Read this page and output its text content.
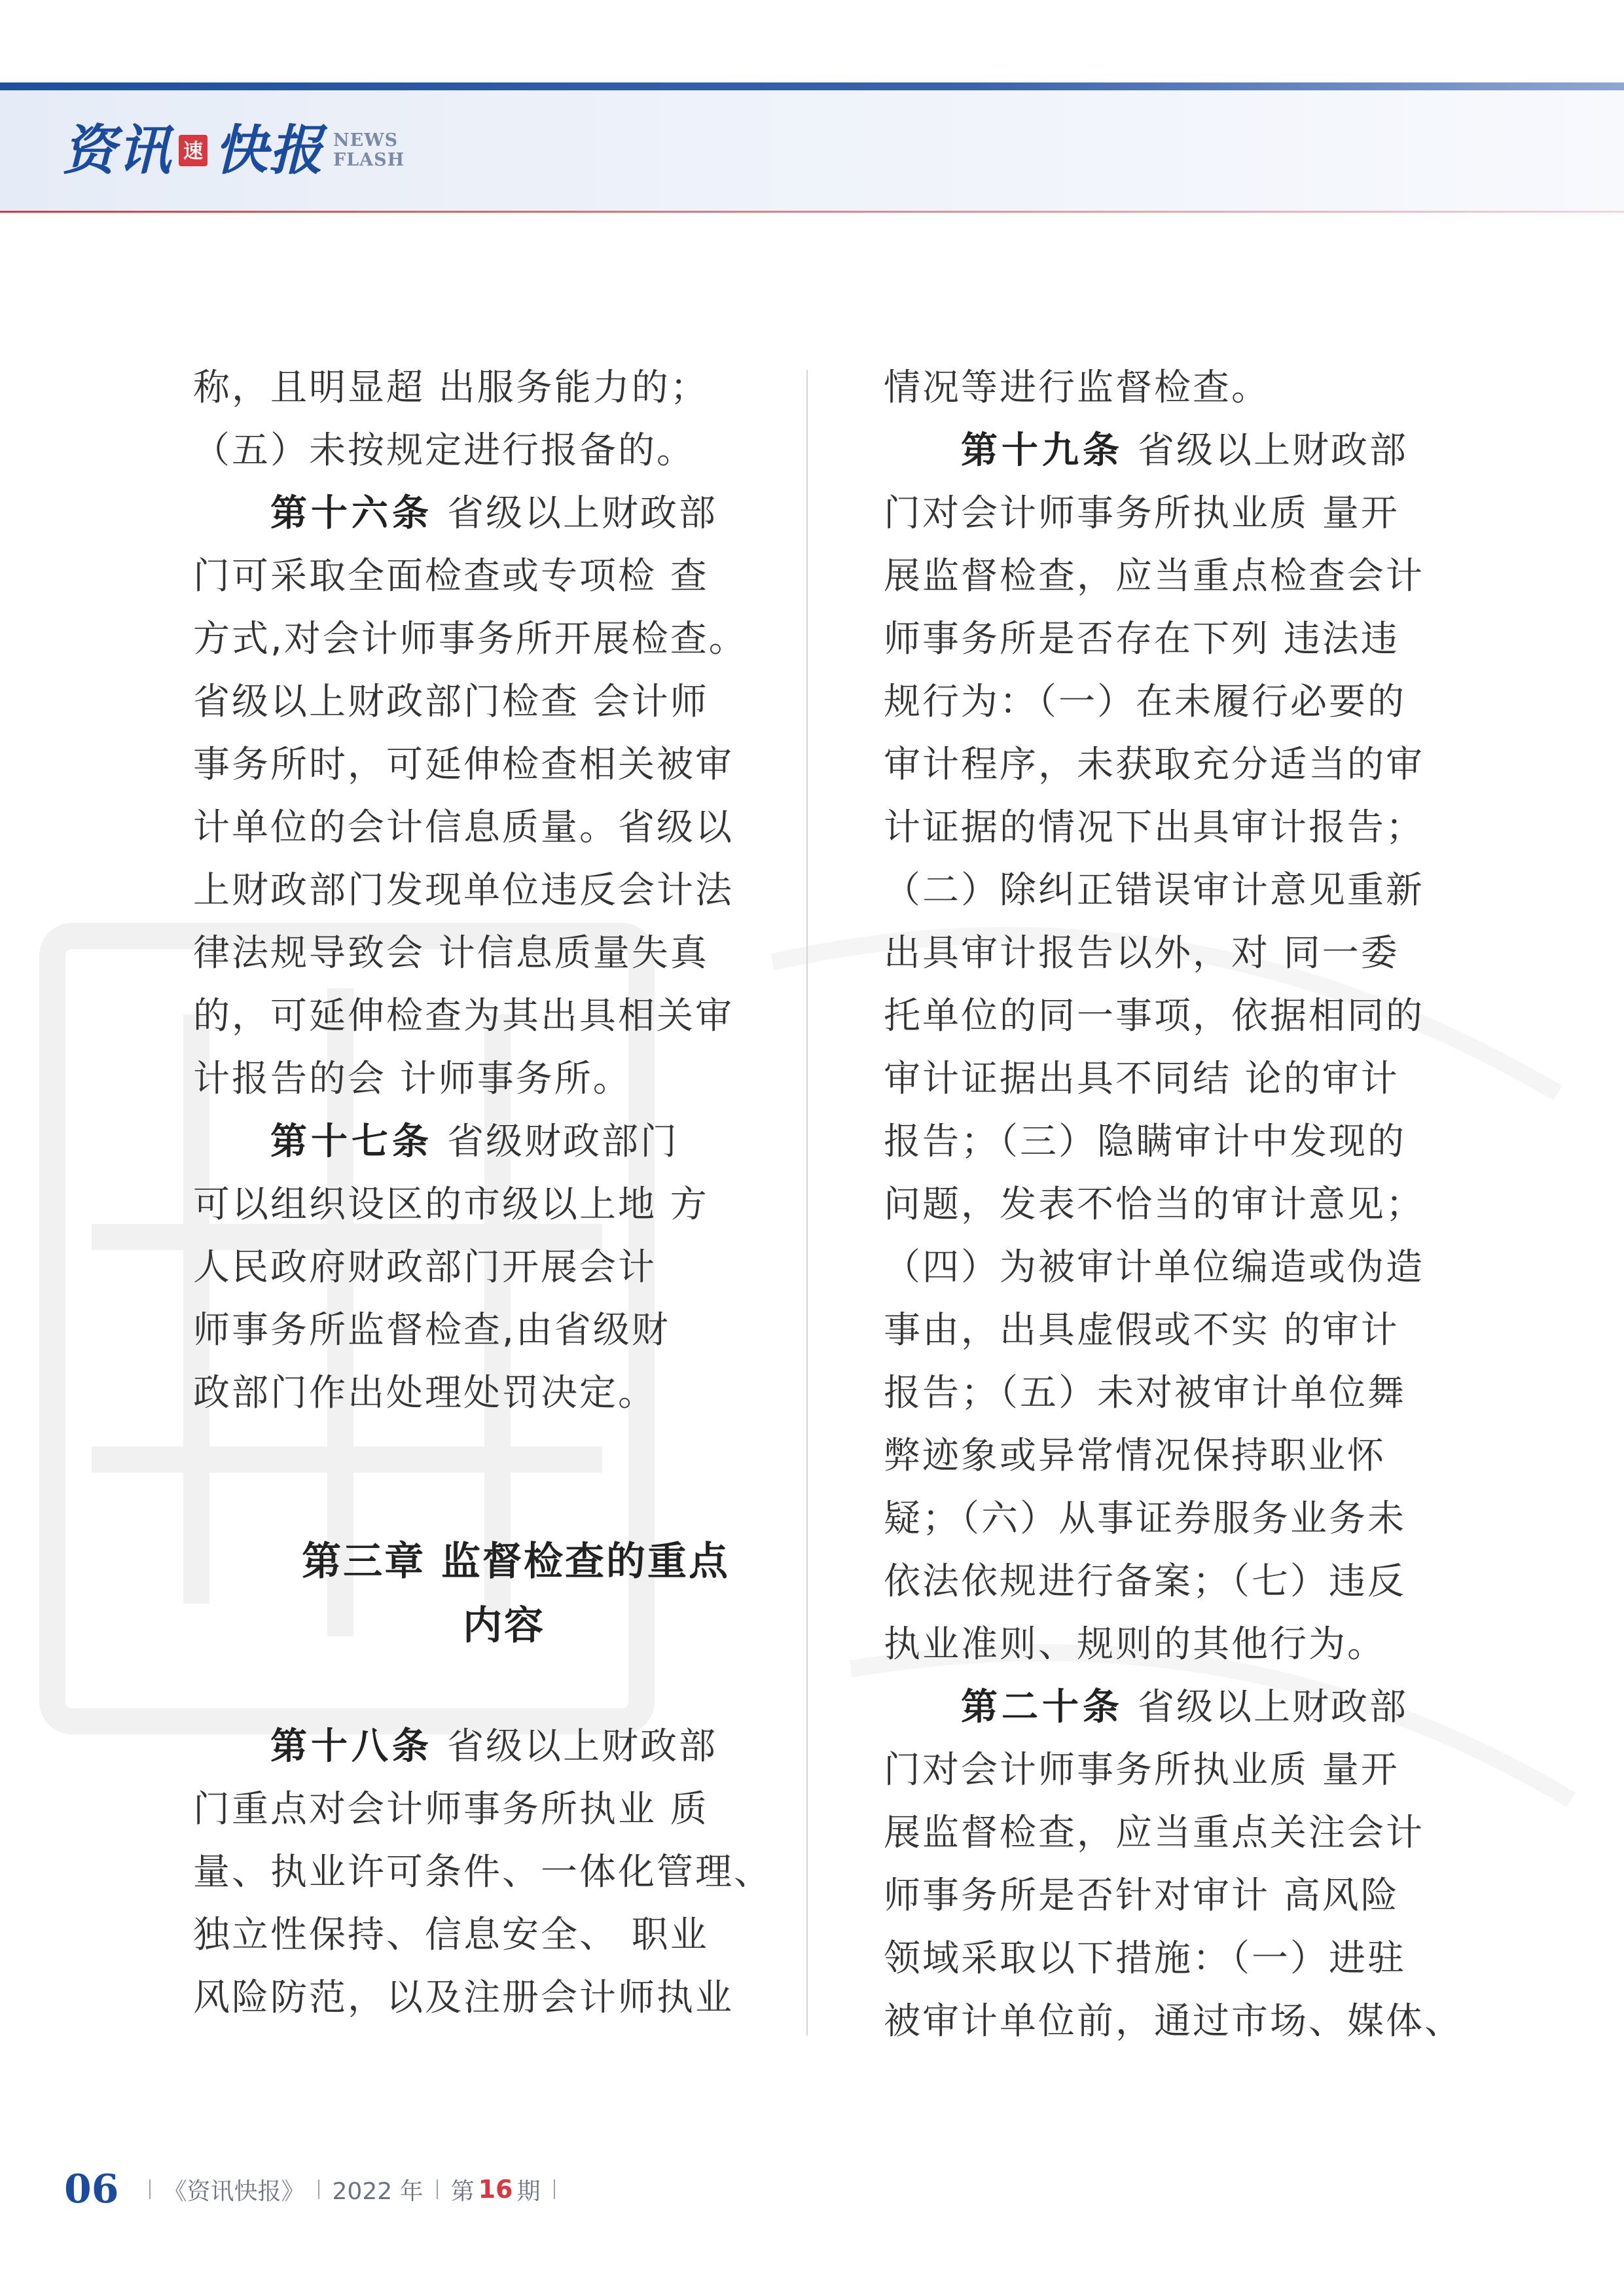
资讯 速 快报 NEWS
FLASH

称，且明显超 出服务能力的；

（五）未按规定进行报备的。

第十六条 省级以上财政部

门可采取全面检查或专项检 查

方式,对会计师事务所开展检查。

省级以上财政部门检查 会计师

事务所时，可延伸检查相关被审

计单位的会计信息质量。省级以

上财政部门发现单位违反会计法

律法规导致会 计信息质量失真

的，可延伸检查为其出具相关审

计报告的会 计师事务所。

第十七条 省级财政部门

可以组织设区的市级以上地 方

人民政府财政部门开展会计

师事务所监督检查,由省级财

政部门作出处理处罚决定。

第三章 监督检查的重点

内容

第十八条 省级以上财政部

门重点对会计师事务所执业 质

量、执业许可条件、一体化管理、

独立性保持、信息安全、 职业

风险防范，以及注册会计师执业

情况等进行监督检查。

第十九条 省级以上财政部

门对会计师事务所执业质 量开

展监督检查，应当重点检查会计

师事务所是否存在下列 违法违

规行为：（一）在未履行必要的

审计程序，未获取充分适当的审

计证据的情况下出具审计报告；

（二）除纠正错误审计意见重新

出具审计报告以外，对 同一委

托单位的同一事项，依据相同的

审计证据出具不同结 论的审计

报告；（三）隐瞒审计中发现的

问题，发表不恰当的审计意见；

（四）为被审计单位编造或伪造

事由，出具虚假或不实 的审计

报告；（五）未对被审计单位舞

弊迹象或异常情况保持职业怀

疑；（六）从事证券服务业务未

依法依规进行备案；（七）违反

执业准则、规则的其他行为。

第二十条 省级以上财政部

门对会计师事务所执业质 量开

展监督检查，应当重点关注会计

师事务所是否针对审计 高风险

领域采取以下措施：（一）进驻

被审计单位前，通过市场、媒体、

06 《资讯快报》 2022 年 第 16 期
